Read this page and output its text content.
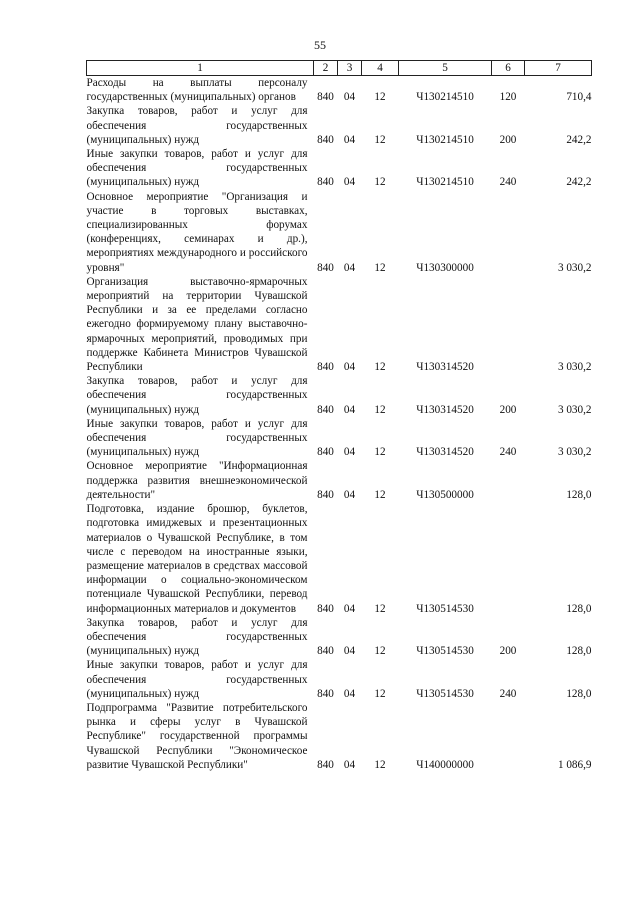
55
1	2	3	4	5	6	7
Расходы на выплаты персоналу государственных (муниципальных) органов	840	04	12	Ч130214510	120	710,4
Закупка товаров, работ и услуг для обеспечения государственных (муниципальных) нужд	840	04	12	Ч130214510	200	242,2
Иные закупки товаров, работ и услуг для обеспечения государственных (муниципальных) нужд	840	04	12	Ч130214510	240	242,2
Основное мероприятие "Организация и участие в торговых выставках, специализированных форумах (конференциях, семинарах и др.), мероприятиях международного и российского уровня"	840	04	12	Ч130300000		3 030,2
Организация выставочно-ярмарочных мероприятий на территории Чувашской Республики и за ее пределами согласно ежегодно формируемому плану выставочно-ярмарочных мероприятий, проводимых при поддержке Кабинета Министров Чувашской Республики	840	04	12	Ч130314520		3 030,2
Закупка товаров, работ и услуг для обеспечения государственных (муниципальных) нужд	840	04	12	Ч130314520	200	3 030,2
Иные закупки товаров, работ и услуг для обеспечения государственных (муниципальных) нужд	840	04	12	Ч130314520	240	3 030,2
Основное мероприятие "Информационная поддержка развития внешнеэкономической деятельности"	840	04	12	Ч130500000		128,0
Подготовка, издание брошюр, буклетов, подготовка имиджевых и презентационных материалов о Чувашской Республике, в том числе с переводом на иностранные языки, размещение материалов в средствах массовой информации о социально-экономическом потенциале Чувашской Республики, перевод информационных материалов и документов	840	04	12	Ч130514530		128,0
Закупка товаров, работ и услуг для обеспечения государственных (муниципальных) нужд	840	04	12	Ч130514530	200	128,0
Иные закупки товаров, работ и услуг для обеспечения государственных (муниципальных) нужд	840	04	12	Ч130514530	240	128,0
Подпрограмма "Развитие потребительского рынка и сферы услуг в Чувашской Республике" государственной программы Чувашской Республики "Экономическое развитие Чувашской Республики"	840	04	12	Ч140000000		1 086,9
